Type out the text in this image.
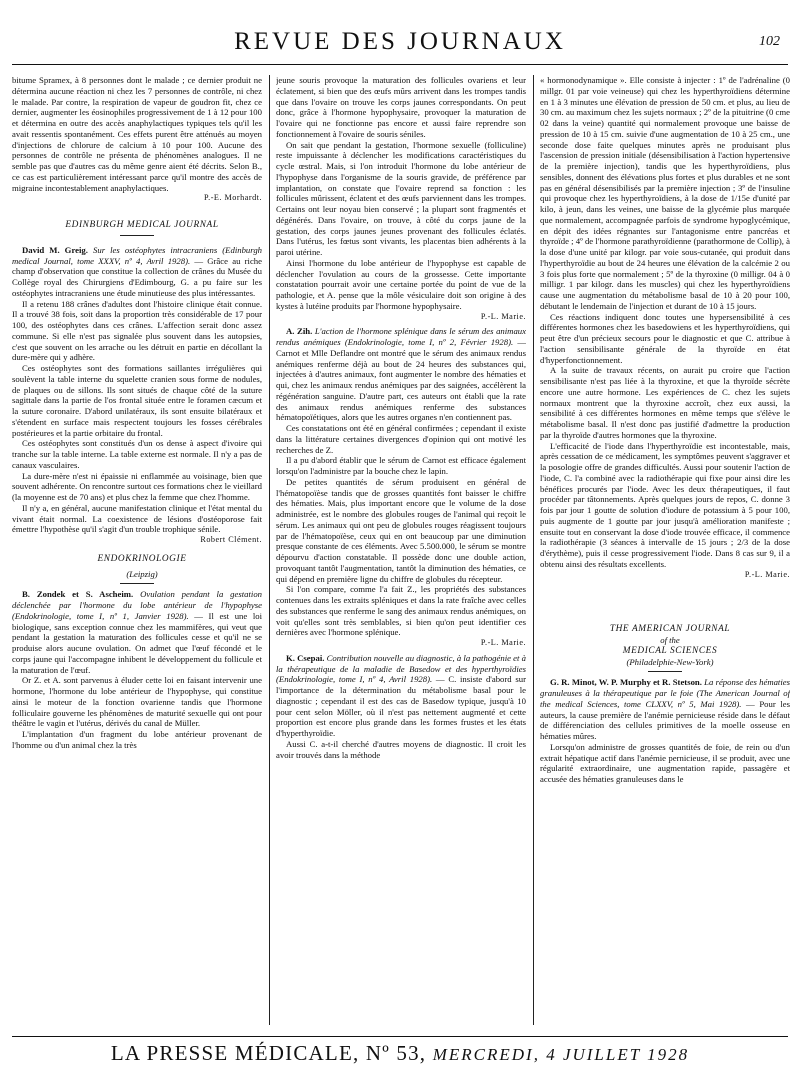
REVUE DES JOURNAUX	102

bitume Spramex, à 8 personnes dont le malade ; ce dernier produit ne détermina aucune réaction ni chez les 7 personnes de contrôle, ni chez le malade. Par contre, la respiration de vapeur de goudron fit, chez ce dernier, augmenter les éosinophiles progressivement de 1 à 12 pour 100 et détermina en outre des accès anaphylactiques typiques tels qu'il les avait ressentis spontanément. Ces effets purent être atténués au moyen d'injections de chlorure de calcium à 10 pour 100. Aucune des personnes de contrôle ne présenta de phénomènes analogues. Il ne semble pas que d'autres cas du même genre aient été décrits. Selon B., ce cas est particulièrement intéressant parce qu'il montre des accès de migraine incontestablement anaphylactiques.

P.-E. Morhardt.

EDINBURGH MEDICAL JOURNAL

David M. Greig. Sur les ostéophytes intracraniens (Edinburgh medical Journal, tome XXXV, nº 4, Avril 1928). — Grâce au riche champ d'observation que constitue la collection de crânes du Musée du Collège royal des Chirurgiens d'Edimbourg, G. a pu faire sur les ostéophytes intracraniens une étude minutieuse des plus intéressantes.

Il a retenu 188 crânes d'adultes dont l'histoire clinique était connue. Il a trouvé 38 fois, soit dans la proportion très considérable de 17 pour 100, des ostéophytes dans ces crânes. L'affection serait donc assez commune. Si elle n'est pas signalée plus souvent dans les autopsies, c'est que souvent on les arrache ou les détruit en partie en décollant la dure-mère qui y adhère.

Ces ostéophytes sont des formations saillantes irrégulières qui soulèvent la table interne du squelette cranien sous forme de nodules, de plaques ou de sillons. Ils sont situés de chaque côté de la suture sagittale dans la partie de l'os frontal située entre le foramen cæcum et la suture coronaire. D'abord unilatéraux, ils sont ensuite bilatéraux et s'étendent en surface mais respectent toujours les fosses cérébrales postérieures et la partie orbitaire du frontal.

Ces ostéophytes sont constitués d'un os dense à aspect d'ivoire qui tranche sur la table interne. La table externe est normale. Il n'y a pas de canaux vasculaires.

La dure-mère n'est ni épaissie ni enflammée au voisinage, bien que souvent adhérente. On rencontre surtout ces formations chez le vieillard (la moyenne est de 70 ans) et plus chez la femme que chez l'homme.

Il n'y a, en général, aucune manifestation clinique et l'état mental du vivant était normal. La coexistence de lésions d'ostéoporose fait émettre l'hypothèse qu'il s'agit d'un trouble trophique sénile.

Robert Clément.

ENDOKRINOLOGIE

(Leipzig)

B. Zondek et S. Ascheim. Ovulation pendant la gestation déclenchée par l'hormone du lobe antérieur de l'hypophyse (Endokrinologie, tome I, nº 1, Janvier 1928). — Il est une loi biologique, sans exception connue chez les mammifères, qui veut que pendant la gestation la maturation des follicules cesse et qu'il ne se produise alors aucune ovulation. On admet que l'œuf fécondé et le corps jaune qui l'accompagne inhibent le développement du follicule et la maturation de l'œuf.

Or Z. et A. sont parvenus à éluder cette loi en faisant intervenir une hormone, l'hormone du lobe antérieur de l'hypophyse, qui constitue ainsi le moteur de la fonction ovarienne tandis que l'hormone folliculaire gouverne les phénomènes de maturité sexuelle qui ont pour théâtre le vagin et l'utérus, dérivés du canal de Müller.

L'implantation d'un fragment du lobe antérieur provenant de l'homme ou d'un animal chez la très

jeune souris provoque la maturation des follicules ovariens et leur éclatement, si bien que des œufs mûrs arrivent dans les trompes tandis que dans l'ovaire on trouve les corps jaunes correspondants. On peut donc, grâce à l'hormone hypophysaire, provoquer la maturation de l'ovaire qui ne fonctionne pas encore et aussi faire reprendre son fonctionnement à l'ovaire de souris séniles.

On sait que pendant la gestation, l'hormone sexuelle (folliculine) reste impuissante à déclencher les modifications caractéristiques du cycle œstral. Mais, si l'on introduit l'hormone du lobe antérieur de l'hypophyse dans l'organisme de la souris gravide, de préférence par implantation, on constate que l'ovaire reprend sa fonction : les follicules mûrissent, éclatent et des œufs parviennent dans les trompes. Certains ont leur noyau bien conservé ; la plupart sont fragmentés et dégénérés. Dans l'ovaire, on trouve, à côté du corps jaune de la gestation, des corps jaunes jeunes provenant des follicules éclatés. Dans l'utérus, les fœtus sont vivants, les placentas bien adhérents à la paroi utérine.

Ainsi l'hormone du lobe antérieur de l'hypophyse est capable de déclencher l'ovulation au cours de la grossesse. Cette importante constatation pourrait avoir une certaine portée du point de vue de la pathologie, et A. pense que la môle vésiculaire doit son origine à des kystes à lutéine produits par l'hormone hypophysaire.

P.-L. Marie.

A. Zih. L'action de l'hormone splénique dans le sérum des animaux rendus anémiques (Endokrinologie, tome I, nº 2, Février 1928). — Carnot et Mlle Deflandre ont montré que le sérum des animaux rendus anémiques renferme déjà au bout de 24 heures des substances qui, injectées à d'autres animaux, font augmenter le nombre des hématies et qui, chez les animaux rendus anémiques par des saignées, accélèrent la régénération sanguine. D'autre part, ces auteurs ont établi que la rate des animaux rendus anémiques renferme des substances hématopoïétiques, alors que les autres organes n'en contiennent pas.

Ces constatations ont été en général confirmées ; cependant il existe dans la littérature certaines divergences d'opinion qui ont motivé les recherches de Z.

Il a pu d'abord établir que le sérum de Carnot est efficace également lorsqu'on l'administre par la bouche chez le lapin.

De petites quantités de sérum produisent en général de l'hématopoïèse tandis que de grosses quantités font baisser le chiffre des hématies. Mais, plus important encore que le volume de la dose administrée, est le nombre des globules rouges de l'animal qui reçoit le sérum. Les animaux qui ont peu de globules rouges réagissent toujours par de l'hématopoïèse, ceux qui en ont beaucoup par une diminution presque constante de ces éléments. Avec 5.500.000, le sérum se montre dépourvu d'action constatable. Il possède donc une double action, provoquant tantôt l'augmentation, tantôt la diminution des hématies, ce qui dépend en première ligne du chiffre de globules du récepteur.

Si l'on compare, comme l'a fait Z., les propriétés des substances contenues dans les extraits spléniques et dans la rate fraîche avec celles des substances que renferme le sang des animaux rendus anémiques, on voit qu'elles sont très semblables, si bien qu'on peut identifier ces dernières avec l'hormone splénique.

P.-L. Marie.

K. Csepai. Contribution nouvelle au diagnostic, à la pathogénie et à la thérapeutique de la maladie de Basedow et des hyperthyroïdies (Endokrinologie, tome I, nº 4, Avril 1928). — C. insiste d'abord sur l'importance de la détermination du métabolisme basal pour le diagnostic ; cependant il est des cas de Basedow typique, jusqu'à 10 pour cent selon Möller, où il n'est pas nettement augmenté et cette proportion est encore plus grande dans les formes frustes et les états d'hyperthyroïdie.

Aussi C. a-t-il cherché d'autres moyens de diagnostic. Il croit les avoir trouvés dans la méthode

« hormonodynamique ». Elle consiste à injecter : 1º de l'adrénaline (0 millgr. 01 par voie veineuse) qui chez les hyperthyroïdiens détermine en 1 à 3 minutes une élévation de pression de 50 cm. et plus, au lieu de 30 cm. au maximum chez les sujets normaux ; 2º de la pituitrine (0 cme 02 dans la veine) quantité qui normalement provoque une baisse de pression de 10 à 15 cm. suivie d'une augmentation de 10 à 25 cm., une seconde dose faite quelques minutes après ne produisant plus l'ascension de pression initiale (désensibilisation à l'action hypertensive de la première injection), tandis que les hyperthyroïdiens, plus sensibles, donnent des élévations plus fortes et plus durables et ne sont pas en général désensibilisés par la première injection ; 3º de l'insuline qui provoque chez les hyperthyroïdiens, à la dose de 1/15e d'unité par kilo, à jeun, dans les veines, une baisse de la glycémie plus marquée que normalement, accompagnée parfois de syndrome hypoglycémique, en dépit des idées régnantes sur l'antagonisme entre pancréas et thyroïde ; 4º de l'hormone parathyroïdienne (parathormone de Collip), à la dose d'une unité par kilogr. par voie sous-cutanée, qui produit dans l'hyperthyroïdie au bout de 24 heures une élévation de la calcémie 2 ou 3 fois plus forte que normalement ; 5º de la thyroxine (0 milligr. 04 à 0 milligr. 1 par kilogr. dans les muscles) qui chez les hyperthyroïdiens cause une augmentation du métabolisme basal de 10 à 20 pour 100, débutant le lendemain de l'injection et durant de 10 à 15 jours.

Ces réactions indiquent donc toutes une hypersensibilité à ces différentes hormones chez les basedowiens et les hyperthyroïdiens, qui peut être d'un précieux secours pour le diagnostic et que C. attribue à l'action sensibilisante générale de la thyroïde en état d'hyperfonctionnement.

A la suite de travaux récents, on aurait pu croire que l'action sensibilisante n'est pas liée à la thyroxine, et que la thyroïde sécrète encore une autre hormone. Les expériences de C. chez les sujets normaux montrent que la thyroxine accroît, chez eux aussi, la sensibilité à ces différentes hormones en même temps que s'élève le métabolisme basal. Il n'est donc pas justifié d'admettre la production par la thyroïde d'autres hormones que la thyroxine.

L'efficacité de l'iode dans l'hyperthyroïdie est incontestable, mais, après cessation de ce médicament, les symptômes peuvent s'aggraver et la posologie offre de grandes difficultés. Aussi pour soutenir l'action de l'iode, C. l'a combiné avec la radiothérapie qui fixe pour ainsi dire les bénéfices procurés par l'iode. Avec les deux thérapeutiques, il faut procéder par tâtonnements. Après quelques jours de repos, C. donne 3 fois par jour 1 goutte de solution d'iodure de potassium à 5 pour 100, puis augmente de 1 goutte par jour jusqu'à amélioration manifeste ; ensuite tout en conservant la dose d'iode trouvée efficace, il commence la radiothérapie (3 séances à intervalle de 15 jours ; 2/3 de la dose d'érythème), puis il cesse progressivement l'iode. Dans 8 cas sur 9, il a obtenu ainsi des résultats excellents.

P.-L. Marie.

THE AMERICAN JOURNAL

of the

MEDICAL SCIENCES

(Philadelphie-New-York)

G. R. Minot, W. P. Murphy et R. Stetson. La réponse des hématies granuleuses à la thérapeutique par le foie (The American Journal of the medical Sciences, tome CLXXV, nº 5, Mai 1928). — Pour les auteurs, la cause première de l'anémie pernicieuse réside dans le défaut de différenciation des cellules primitives de la moelle osseuse en hématies mûres.

Lorsqu'on administre de grosses quantités de foie, de rein ou d'un extrait hépatique actif dans l'anémie pernicieuse, il se produit, avec une régularité extraordinaire, une augmentation rapide, passagère et accusée des hématies granuleuses dans le

LA PRESSE MÉDICALE, Nº 53, MERCREDI, 4 JUILLET 1928
